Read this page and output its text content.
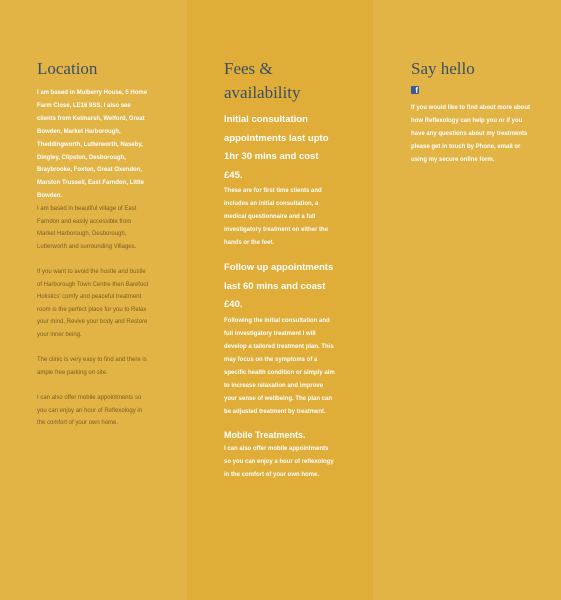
Location

I am based in Mulberry House, 5 Home Farm Close, LE16 8SS. I also see clients from Kelmarsh, Welford, Great Bowden, Market Harborough, Theddingworth, Lutterworth, Naseby, Dingley, Clipston, Desborough, Braybrooke, Foxton, Great Oxendon, Marston Trussell, East Farndon, Little Bowden.

I am based in beautiful village of East Farndon and easily accessible from Market Harborough, Desborough, Lutterworth and surrounding Villages.

If you want to avoid the hustle and bustle of Harborough Town Centre then Barefoot Holistics' comfy and peaceful treatment room is the perfect place for you to Relax your mind, Revive your body and Restore your inner being.

The clinic is very easy to find and there is ample free parking on site.

I can also offer mobile appointments so you can enjoy an hour of Reflexology in the comfort of your own home.

Fees & availability

Initial consultation appointments last upto 1hr 30 mins and cost £45.

These are for first time clients and includes an initial consultation, a medical questionnaire and a full investigatory treatment on either the hands or the feet.

Follow up appointments last 60 mins and coast £40.

Following the initial consultation and full investigatory treatment I will develop a tailored treatment plan. This may focus on the symptoms of a specific health condition or simply aim to increase relaxation and improve your sense of wellbeing. The plan can be adjusted treatment by treatment.

Mobile Treatments.

I can also offer mobile appointments so you can enjoy a hour of reflexology in the comfort of your own home.

Say hello
f

If you would like to find about more about how Reflexology can help you or if you have any questions about my treatments please get in touch by Phone, email or using my secure online form.
